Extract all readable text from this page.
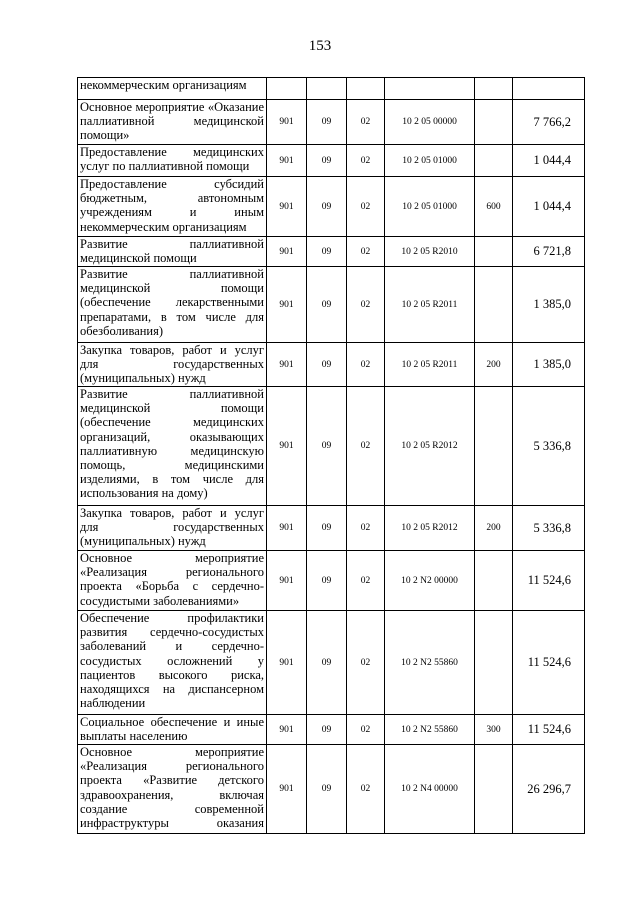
153
некоммерческим организациям						
Основное мероприятие «Оказание паллиативной медицинской помощи»	901	09	02	10 2 05 00000		7 766,2
Предоставление медицинских услуг по паллиативной помощи	901	09	02	10 2 05 01000		1 044,4
Предоставление субсидий бюджетным, автономным учреждениям и иным некоммерческим организациям	901	09	02	10 2 05 01000	600	1 044,4
Развитие паллиативной медицинской помощи	901	09	02	10 2 05 R2010		6 721,8
Развитие паллиативной медицинской помощи (обеспечение лекарственными препаратами, в том числе для обезболивания)	901	09	02	10 2 05 R2011		1 385,0
Закупка товаров, работ и услуг для государственных (муниципальных) нужд	901	09	02	10 2 05 R2011	200	1 385,0
Развитие паллиативной медицинской помощи (обеспечение медицинских организаций, оказывающих паллиативную медицинскую помощь, медицинскими изделиями, в том числе для использования на дому)	901	09	02	10 2 05 R2012		5 336,8
Закупка товаров, работ и услуг для государственных (муниципальных) нужд	901	09	02	10 2 05 R2012	200	5 336,8
Основное мероприятие «Реализация регионального проекта «Борьба с сердечно-сосудистыми заболеваниями»	901	09	02	10 2 N2 00000		11 524,6
Обеспечение профилактики развития сердечно-сосудистых заболеваний и сердечно-сосудистых осложнений у пациентов высокого риска, находящихся на диспансерном наблюдении	901	09	02	10 2 N2 55860		11 524,6
Социальное обеспечение и иные выплаты населению	901	09	02	10 2 N2 55860	300	11 524,6
Основное мероприятие «Реализация регионального проекта «Развитие детского здравоохранения, включая создание современной инфраструктуры оказания	901	09	02	10 2 N4 00000		26 296,7
